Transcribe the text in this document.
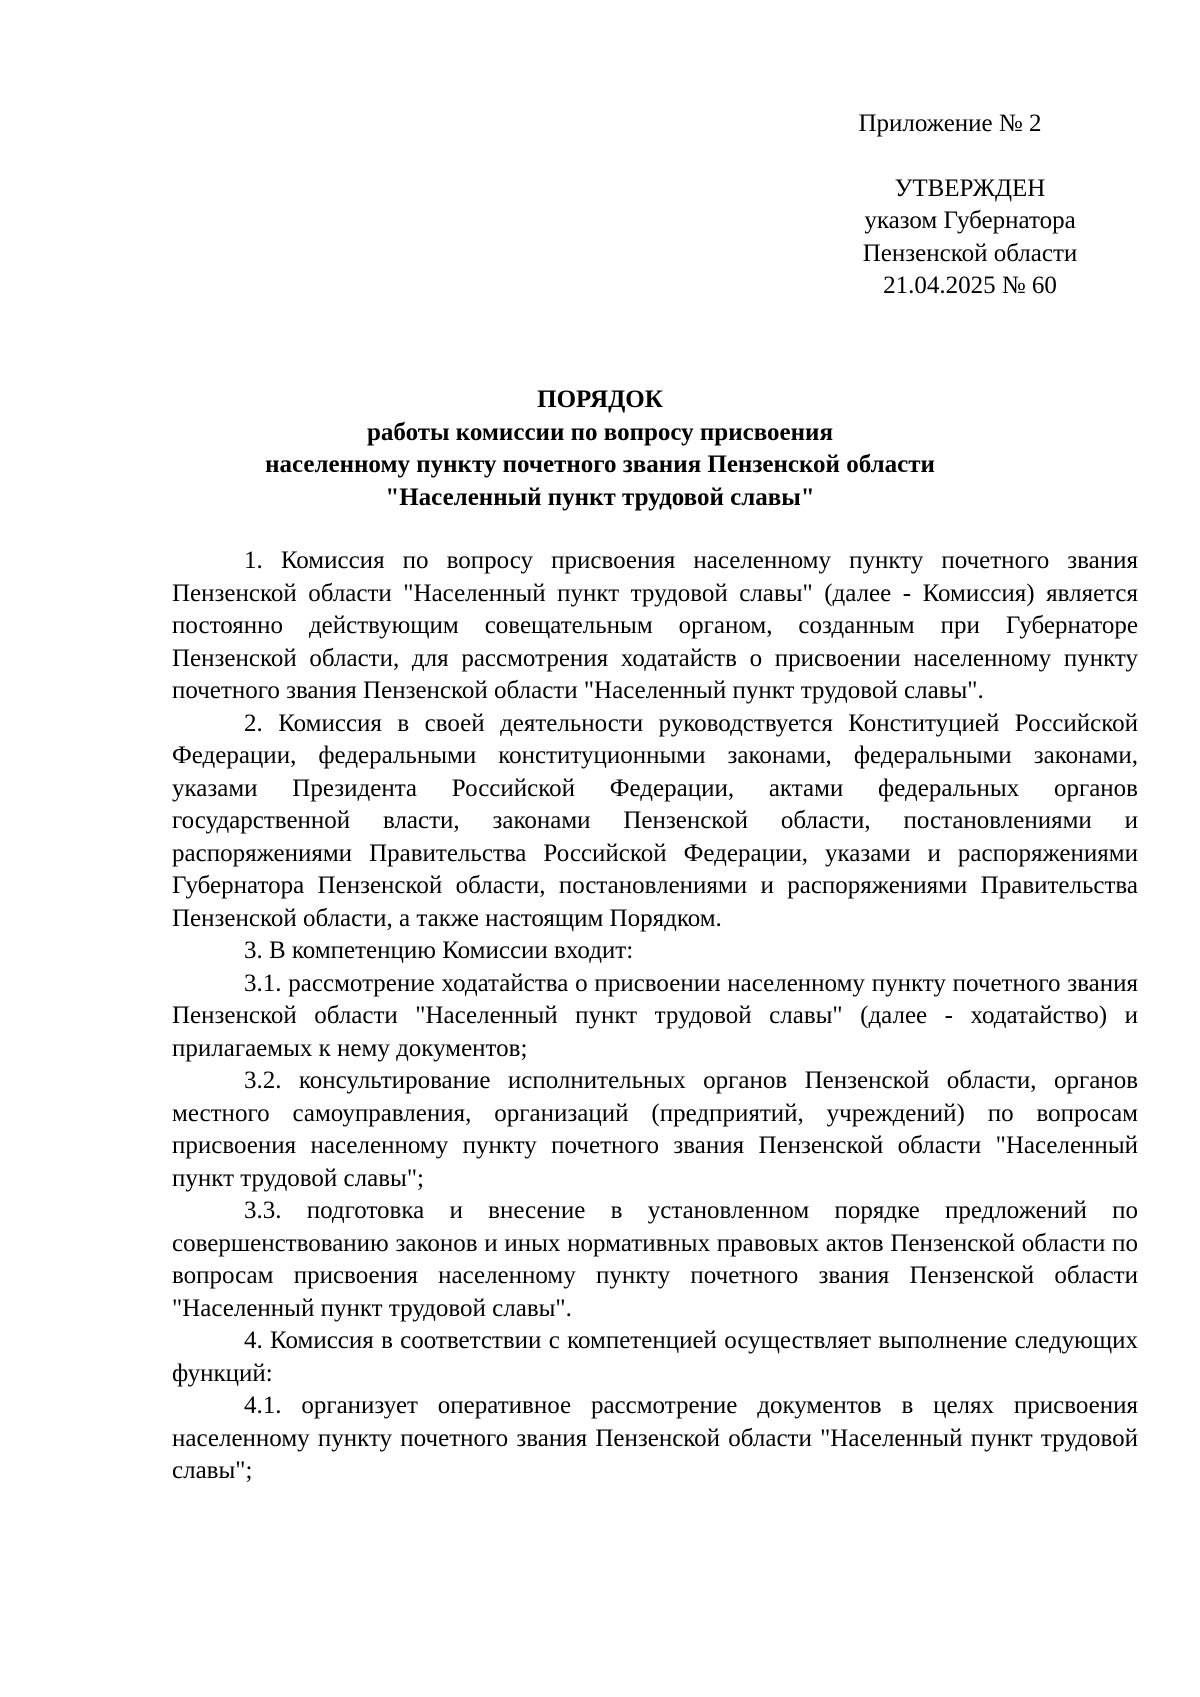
Приложение № 2
УТВЕРЖДЕН
указом Губернатора
Пензенской области
21.04.2025 № 60
ПОРЯДОК
работы комиссии по вопросу присвоения
населенному пункту почетного звания Пензенской области
"Населенный пункт трудовой славы"

1. Комиссия по вопросу присвоения населенному пункту почетного звания Пензенской области "Населенный пункт трудовой славы" (далее - Комиссия) является постоянно действующим совещательным органом, созданным при Губернаторе Пензенской области, для рассмотрения ходатайств о присвоении населенному пункту почетного звания Пензенской области "Населенный пункт трудовой славы".

2. Комиссия в своей деятельности руководствуется Конституцией Российской Федерации, федеральными конституционными законами, федеральными законами, указами Президента Российской Федерации, актами федеральных органов государственной власти, законами Пензенской области, постановлениями и распоряжениями Правительства Российской Федерации, указами и распоряжениями Губернатора Пензенской области, постановлениями и распоряжениями Правительства Пензенской области, а также настоящим Порядком.

3. В компетенцию Комиссии входит:

3.1. рассмотрение ходатайства о присвоении населенному пункту почетного звания Пензенской области "Населенный пункт трудовой славы" (далее - ходатайство) и прилагаемых к нему документов;

3.2. консультирование исполнительных органов Пензенской области, органов местного самоуправления, организаций (предприятий, учреждений) по вопросам присвоения населенному пункту почетного звания Пензенской области "Населенный пункт трудовой славы";

3.3. подготовка и внесение в установленном порядке предложений по совершенствованию законов и иных нормативных правовых актов Пензенской области по вопросам присвоения населенному пункту почетного звания Пензенской области "Населенный пункт трудовой славы".

4. Комиссия в соответствии с компетенцией осуществляет выполнение следующих функций:

4.1. организует оперативное рассмотрение документов в целях присвоения населенному пункту почетного звания Пензенской области "Населенный пункт трудовой славы";
